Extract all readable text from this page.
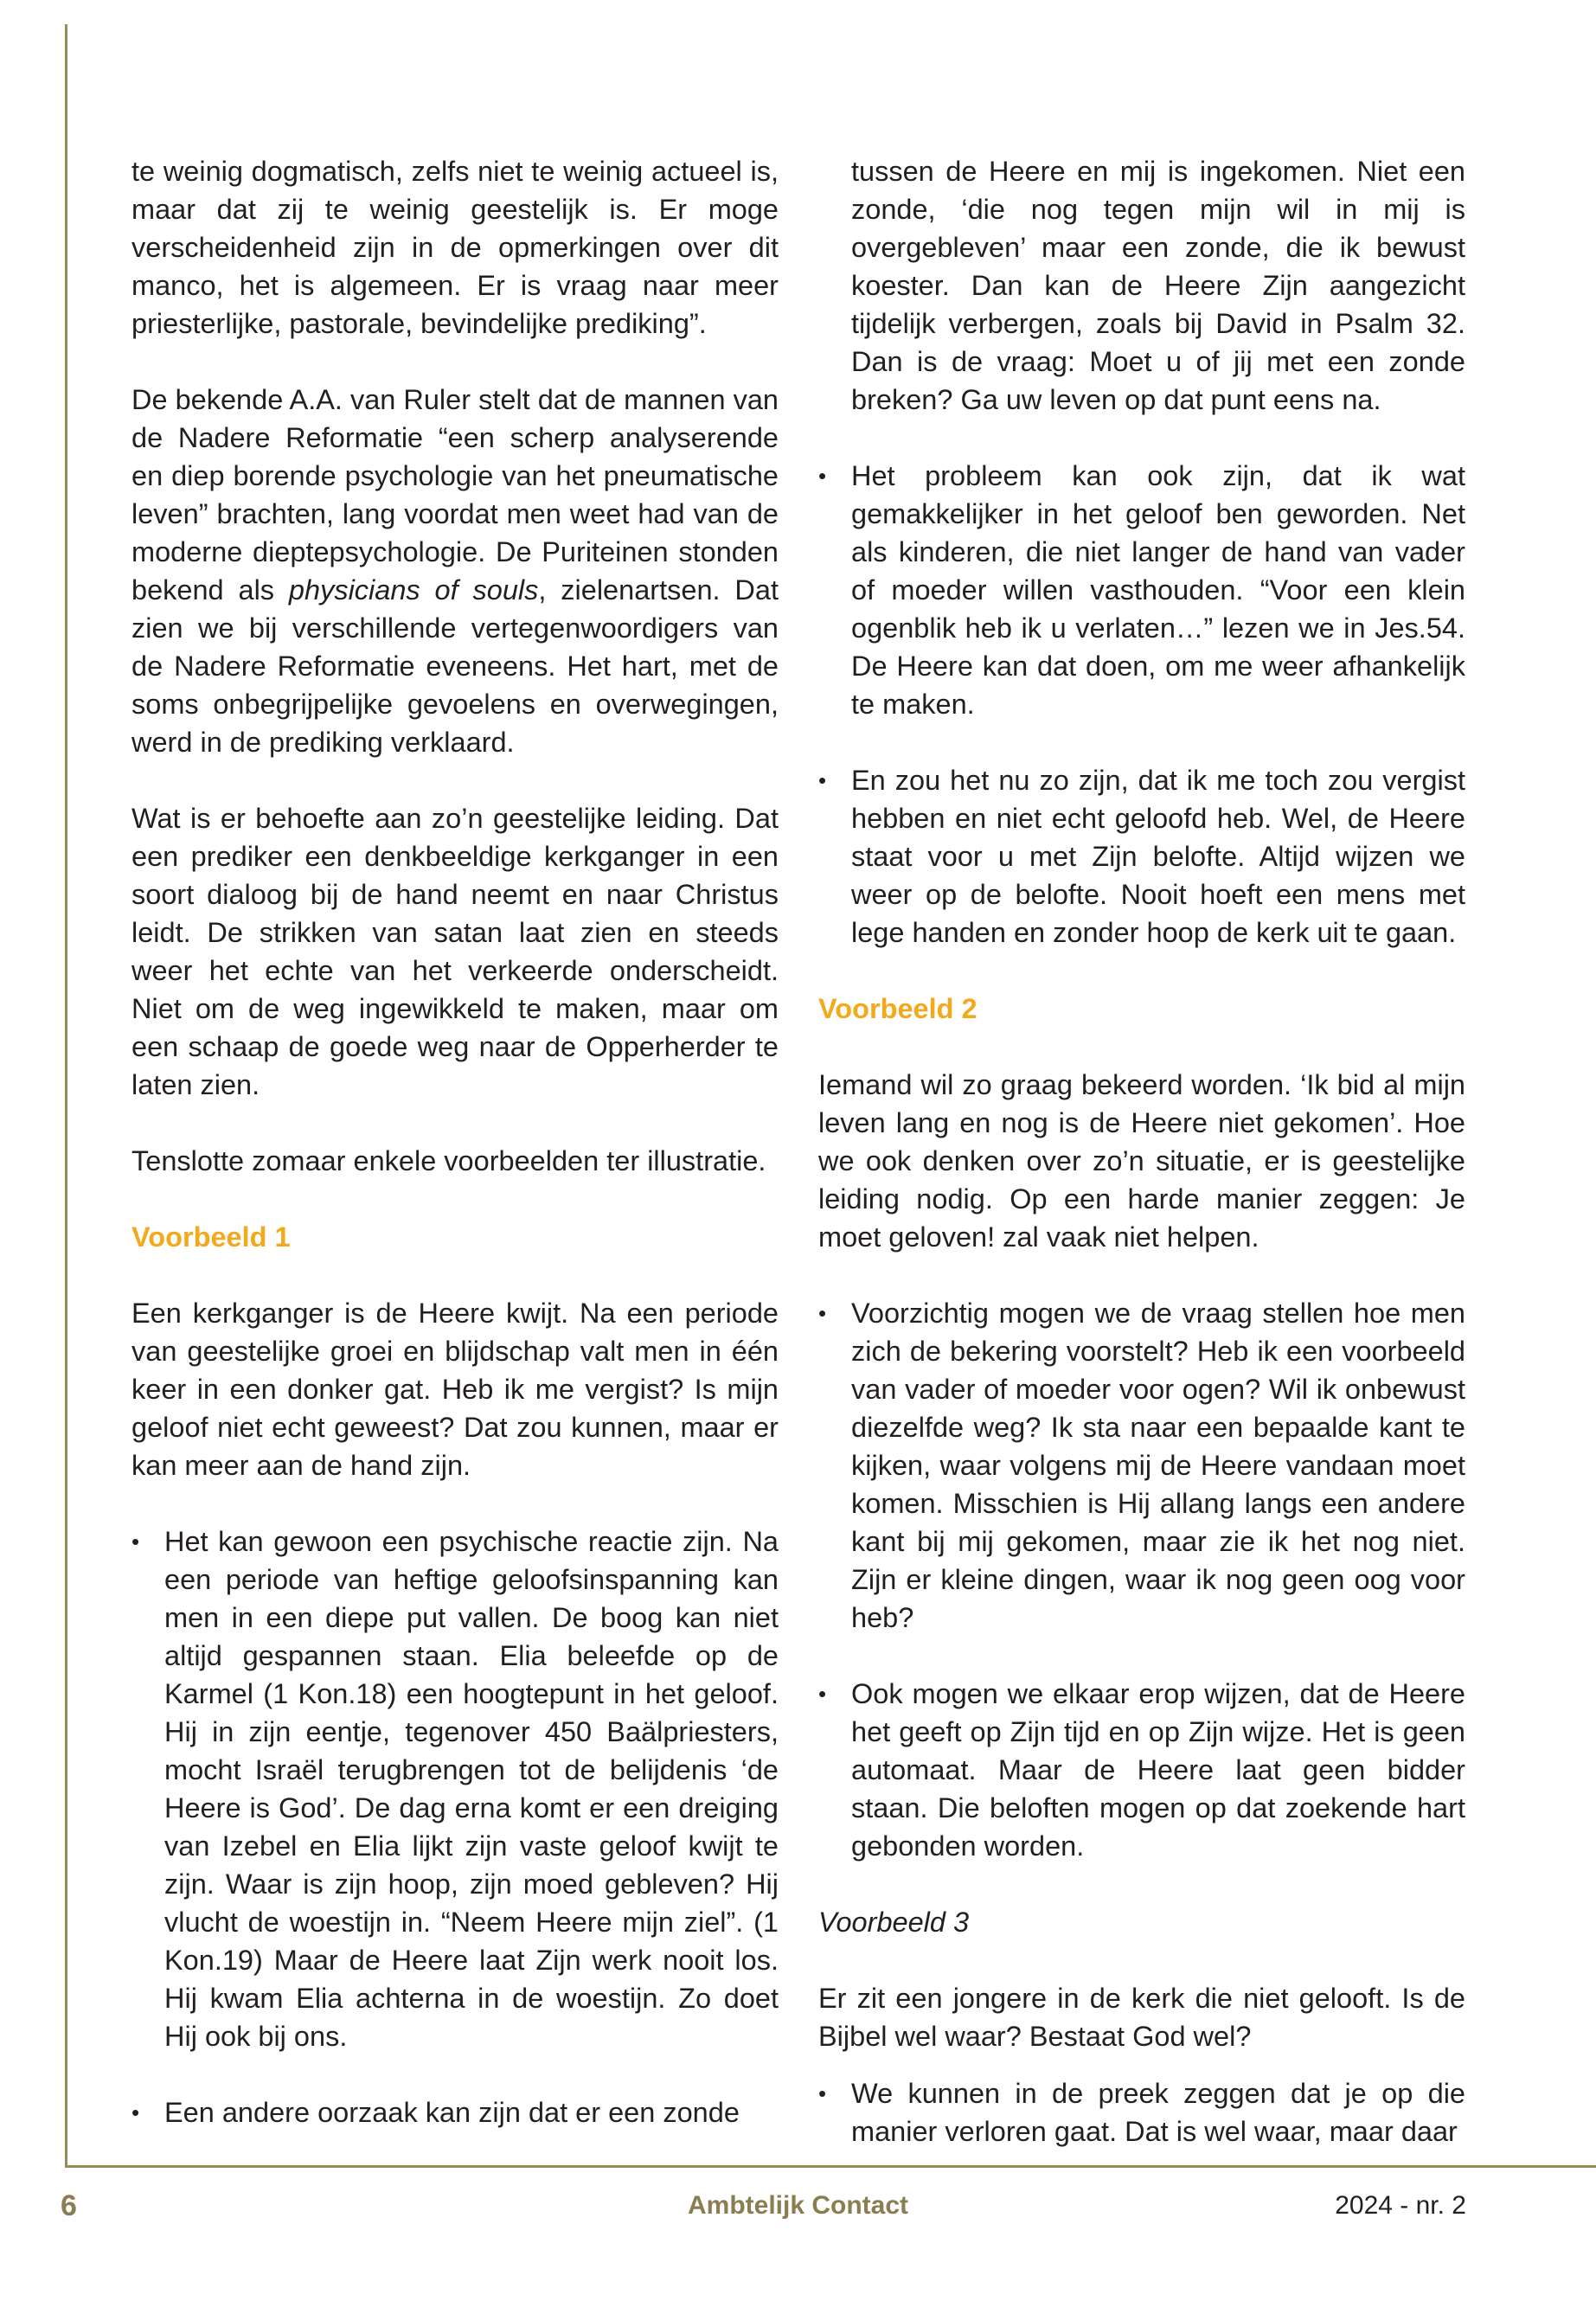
te weinig dogmatisch, zelfs niet te weinig actueel is, maar dat zij te weinig geestelijk is. Er moge verscheidenheid zijn in de opmerkingen over dit manco, het is algemeen. Er is vraag naar meer priesterlijke, pastorale, bevindelijke prediking”.

De bekende A.A. van Ruler stelt dat de mannen van de Nadere Reformatie “een scherp analyserende en diep borende psychologie van het pneumatische leven” brachten, lang voordat men weet had van de moderne dieptepsychologie. De Puriteinen stonden bekend als physicians of souls, zielenartsen. Dat zien we bij verschillende vertegenwoordigers van de Nadere Reformatie eveneens. Het hart, met de soms onbegrijpelijke gevoelens en overwegingen, werd in de prediking verklaard.

Wat is er behoefte aan zo’n geestelijke leiding. Dat een prediker een denkbeeldige kerkganger in een soort dialoog bij de hand neemt en naar Christus leidt. De strikken van satan laat zien en steeds weer het echte van het verkeerde onderscheidt. Niet om de weg ingewikkeld te maken, maar om een schaap de goede weg naar de Opperherder te laten zien.

Tenslotte zomaar enkele voorbeelden ter illustratie.

Voorbeeld 1

Een kerkganger is de Heere kwijt. Na een periode van geestelijke groei en blijdschap valt men in één keer in een donker gat. Heb ik me vergist? Is mijn geloof niet echt geweest? Dat zou kunnen, maar er kan meer aan de hand zijn.

• Het kan gewoon een psychische reactie zijn. Na een periode van heftige geloofsinspanning kan men in een diepe put vallen. De boog kan niet altijd gespannen staan. Elia beleefde op de Karmel (1 Kon.18) een hoogtepunt in het geloof. Hij in zijn eentje, tegenover 450 Baälpriesters, mocht Israël terugbrengen tot de belijdenis ‘de Heere is God’. De dag erna komt er een dreiging van Izebel en Elia lijkt zijn vaste geloof kwijt te zijn. Waar is zijn hoop, zijn moed gebleven? Hij vlucht de woestijn in. “Neem Heere mijn ziel”. (1 Kon.19) Maar de Heere laat Zijn werk nooit los. Hij kwam Elia achterna in de woestijn. Zo doet Hij ook bij ons.
• Een andere oorzaak kan zijn dat er een zonde

tussen de Heere en mij is ingekomen. Niet een zonde, ‘die nog tegen mijn wil in mij is overgebleven’ maar een zonde, die ik bewust koester. Dan kan de Heere Zijn aangezicht tijdelijk verbergen, zoals bij David in Psalm 32. Dan is de vraag: Moet u of jij met een zonde breken? Ga uw leven op dat punt eens na.

• Het probleem kan ook zijn, dat ik wat gemakkelijker in het geloof ben geworden. Net als kinderen, die niet langer de hand van vader of moeder willen vasthouden. “Voor een klein ogenblik heb ik u verlaten…” lezen we in Jes.54. De Heere kan dat doen, om me weer afhankelijk te maken.
• En zou het nu zo zijn, dat ik me toch zou vergist hebben en niet echt geloofd heb. Wel, de Heere staat voor u met Zijn belofte. Altijd wijzen we weer op de belofte. Nooit hoeft een mens met lege handen en zonder hoop de kerk uit te gaan.

Voorbeeld 2

Iemand wil zo graag bekeerd worden. ‘Ik bid al mijn leven lang en nog is de Heere niet gekomen’. Hoe we ook denken over zo’n situatie, er is geestelijke leiding nodig. Op een harde manier zeggen: Je moet geloven! zal vaak niet helpen.

• Voorzichtig mogen we de vraag stellen hoe men zich de bekering voorstelt? Heb ik een voorbeeld van vader of moeder voor ogen? Wil ik onbewust diezelfde weg? Ik sta naar een bepaalde kant te kijken, waar volgens mij de Heere vandaan moet komen. Misschien is Hij allang langs een andere kant bij mij gekomen, maar zie ik het nog niet. Zijn er kleine dingen, waar ik nog geen oog voor heb?
• Ook mogen we elkaar erop wijzen, dat de Heere het geeft op Zijn tijd en op Zijn wijze. Het is geen automaat. Maar de Heere laat geen bidder staan. Die beloften mogen op dat zoekende hart gebonden worden.

Voorbeeld 3

Er zit een jongere in de kerk die niet gelooft. Is de Bijbel wel waar? Bestaat God wel?

• We kunnen in de preek zeggen dat je op die manier verloren gaat. Dat is wel waar, maar daar
6	Ambtelijk Contact	2024 - nr. 2
